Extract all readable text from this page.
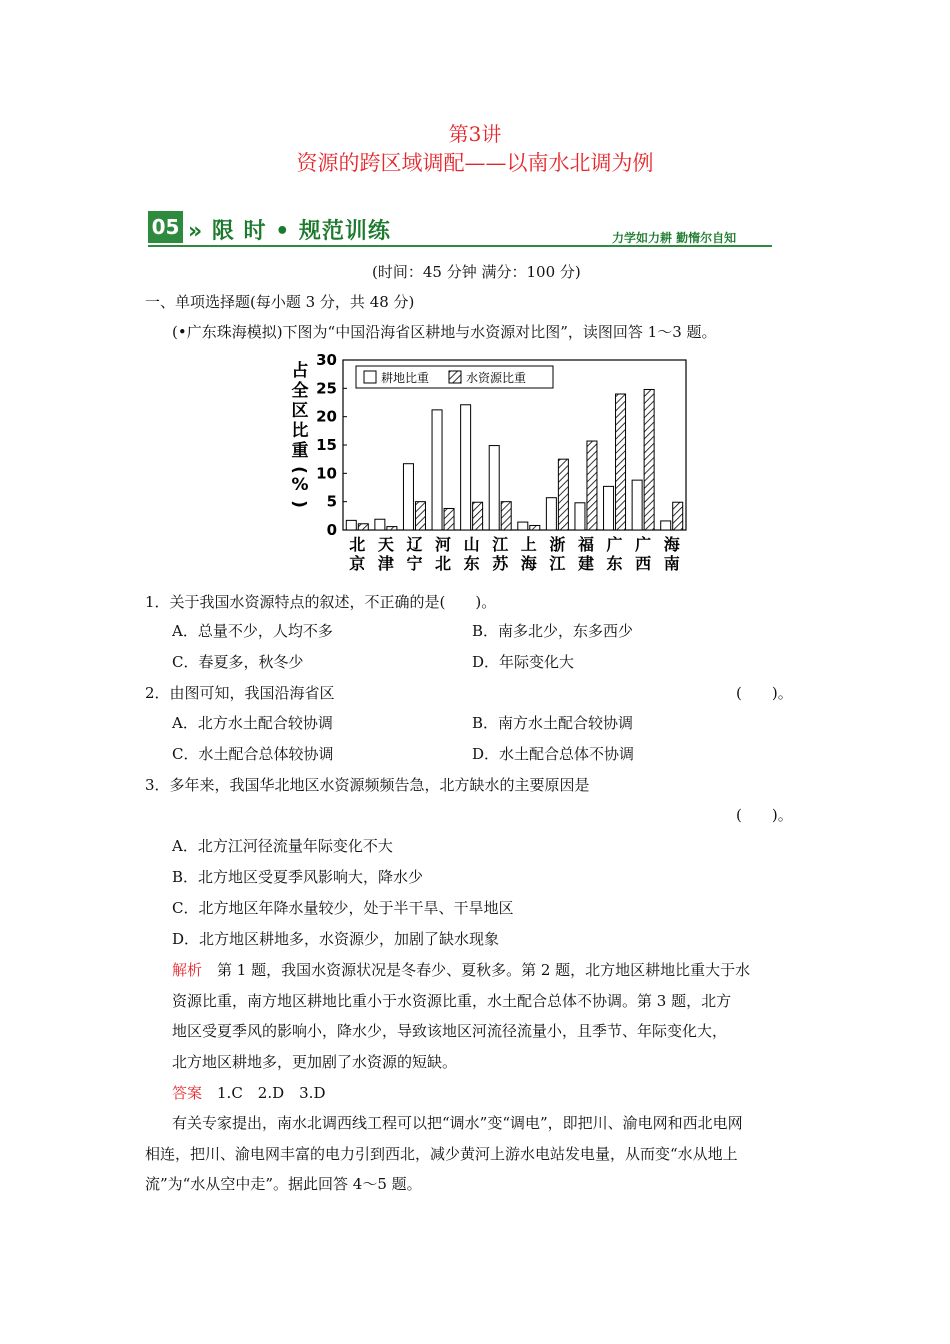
第3讲
资源的跨区域调配——以南水北调为例
05 » 限 时 • 规范训练	力学如力耕 勤惰尔自知
(时间：45 分钟 满分：100 分)
一、单项选择题(每小题 3 分，共 48 分)
(•广东珠海模拟)下图为“中国沿海省区耕地与水资源对比图”，读图回答 1～3 题。
占
全
区
比
重
(
%
)
0
5
10
15
20
25
30
北
京
天
津
辽
宁
河
北
山
东
江
苏
上
海
浙
江
福
建
广
东
广
西
海
南
耕地比重	水资源比重
1．关于我国水资源特点的叙述，不正确的是(　　)。
A．总量不少，人均不多	B．南多北少，东多西少
C．春夏多，秋冬少	D．年际变化大
2．由图可知，我国沿海省区	(　　)。
A．北方水土配合较协调	B．南方水土配合较协调
C．水土配合总体较协调	D．水土配合总体不协调
3．多年来，我国华北地区水资源频频告急，北方缺水的主要原因是
(　　)。
A．北方江河径流量年际变化不大
B．北方地区受夏季风影响大，降水少
C．北方地区年降水量较少，处于半干旱、干旱地区
D．北方地区耕地多，水资源少，加剧了缺水现象
解析　第 1 题，我国水资源状况是冬春少、夏秋多。第 2 题，北方地区耕地比重大于水
资源比重，南方地区耕地比重小于水资源比重，水土配合总体不协调。第 3 题，北方
地区受夏季风的影响小，降水少，导致该地区河流径流量小，且季节、年际变化大，
北方地区耕地多，更加剧了水资源的短缺。
答案　1.C　2.D　3.D
有关专家提出，南水北调西线工程可以把“调水”变“调电”，即把川、渝电网和西北电网
相连，把川、渝电网丰富的电力引到西北，减少黄河上游水电站发电量，从而变“水从地上
流”为“水从空中走”。据此回答 4～5 题。
